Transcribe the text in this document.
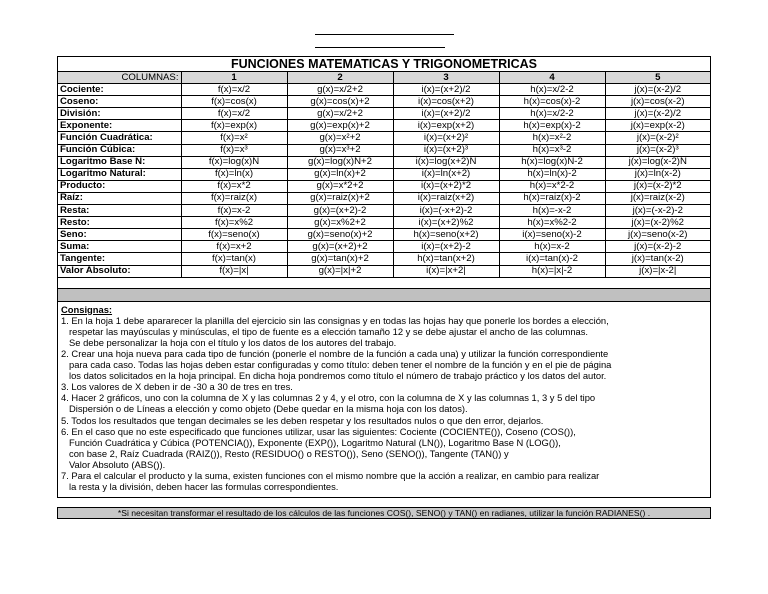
FUNCIONES MATEMATICAS Y TRIGONOMETRICAS
COLUMNAS:	1	2	3	4	5
Cociente:	f(x)=x/2	g(x)=x/2+2	i(x)=(x+2)/2	h(x)=x/2-2	j(x)=(x-2)/2
Coseno:	f(x)=cos(x)	g(x)=cos(x)+2	i(x)=cos(x+2)	h(x)=cos(x)-2	j(x)=cos(x-2)
División:	f(x)=x/2	g(x)=x/2+2	i(x)=(x+2)/2	h(x)=x/2-2	j(x)=(x-2)/2
Exponente:	f(x)=exp(x)	g(x)=exp(x)+2	i(x)=exp(x+2)	h(x)=exp(x)-2	j(x)=exp(x-2)
Función Cuadrática:	f(x)=x²	g(x)=x²+2	i(x)=(x+2)²	h(x)=x²-2	j(x)=(x-2)²
Función Cúbica:	f(x)=x³	g(x)=x³+2	i(x)=(x+2)³	h(x)=x³-2	j(x)=(x-2)³
Logaritmo Base N:	f(x)=log(x)N	g(x)=log(x)N+2	i(x)=log(x+2)N	h(x)=log(x)N-2	j(x)=log(x-2)N
Logaritmo Natural:	f(x)=ln(x)	g(x)=ln(x)+2	i(x)=ln(x+2)	h(x)=ln(x)-2	j(x)=ln(x-2)
Producto:	f(x)=x*2	g(x)=x*2+2	i(x)=(x+2)*2	h(x)=x*2-2	j(x)=(x-2)*2
Raíz:	f(x)=raiz(x)	g(x)=raiz(x)+2	i(x)=raiz(x+2)	h(x)=raiz(x)-2	j(x)=raiz(x-2)
Resta:	f(x)=x-2	g(x)=(x+2)-2	i(x)=(-x+2)-2	h(x)=-x-2	j(x)=(-x-2)-2
Resto:	f(x)=x%2	g(x)=x%2+2	i(x)=(x+2)%2	h(x)=x%2-2	j(x)=(x-2)%2
Seno:	f(x)=seno(x)	g(x)=seno(x)+2	h(x)=seno(x+2)	i(x)=seno(x)-2	j(x)=seno(x-2)
Suma:	f(x)=x+2	g(x)=(x+2)+2	i(x)=(x+2)-2	h(x)=x-2	j(x)=(x-2)-2
Tangente:	f(x)=tan(x)	g(x)=tan(x)+2	h(x)=tan(x+2)	i(x)=tan(x)-2	j(x)=tan(x-2)
Valor Absoluto:	f(x)=|x|	g(x)=|x|+2	i(x)=|x+2|	h(x)=|x|-2	j(x)=|x-2|

Consignas:

1. En la hoja 1 debe apararecer la planilla del ejercicio sin las consignas y en todas las hojas hay que ponerle los bordes a elección,

respetar las mayúsculas y minúsculas, el tipo de fuente es a elección tamaño 12 y se debe ajustar el ancho de las columnas.

Se debe personalizar la hoja con el título y los datos de los autores del trabajo.

2. Crear una hoja nueva para cada tipo de función (ponerle el nombre de la función a cada una) y utilizar la función correspondiente

para cada caso. Todas las hojas deben estar configuradas y como título: deben tener el nombre de la función y en el pie de página

los datos solicitados en la hoja principal. En dicha hoja pondremos como título el número de trabajo práctico y los datos del autor.

3. Los valores de X deben ir de -30 a 30 de tres en tres.

4. Hacer 2 gráficos, uno con la columna de X y las columnas 2 y 4, y el otro, con la columna de X y las columnas 1, 3 y 5 del tipo

Dispersión o de Líneas a elección y como objeto (Debe quedar en la misma hoja con los datos).

5. Todos los resultados que tengan decimales se les deben respetar y los resultados nulos o que den error, dejarlos.

6. En el caso que no este especificado que funciones utilizar, usar las siguientes: Cociente (COCIENTE()), Coseno (COS()),

Función Cuadrática y Cúbica (POTENCIA()), Exponente (EXP()), Logaritmo Natural (LN()), Logaritmo Base N (LOG()),

con base 2, Raíz Cuadrada (RAIZ()), Resto (RESIDUO() o RESTO()), Seno (SENO()), Tangente (TAN()) y

Valor Absoluto (ABS()).

7. Para el calcular el producto y la suma, existen funciones con el mismo nombre que la acción a realizar, en cambio para realizar

la resta y la división, deben hacer las formulas correspondientes.

*Si necesitan transformar el resultado de los cálculos de las funciones COS(), SENO() y TAN() en radianes, utilizar la función RADIANES() .
